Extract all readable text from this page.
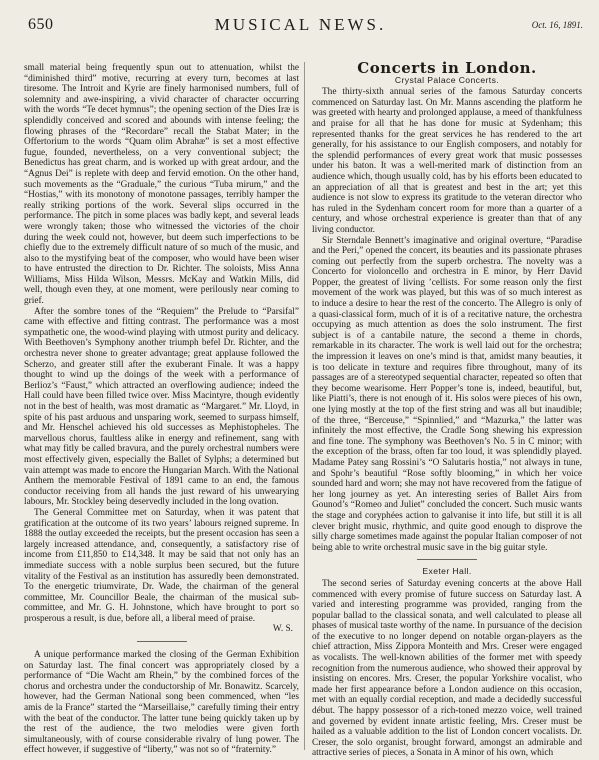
650	MUSICAL NEWS.	Oct. 16, 1891.

small material being frequently spun out to attenuation, whilst the “diminished third” motive, recurring at every turn, becomes at last tiresome. The Introit and Kyrie are finely harmonised numbers, full of solemnity and awe-inspiring, a vivid character of character occurring with the words “Te decet hymnus”; the opening section of the Dies Iræ is splendidly conceived and scored and abounds with intense feeling; the flowing phrases of the “Recordare” recall the Stabat Mater; in the Offertorium to the words “Quam olim Abrahæ” is set a most effective fugue, founded, nevertheless, on a very conventional subject; the Benedictus has great charm, and is worked up with great ardour, and the “Agnus Dei” is replete with deep and fervid emotion. On the other hand, such movements as the “Graduale,” the curious “Tuba mirum,” and the “Hostias,” with its monotony of monotone passages, terribly hamper the really striking portions of the work. Several slips occurred in the performance. The pitch in some places was badly kept, and several leads were wrongly taken; those who witnessed the victories of the choir during the week could not, however, but deem such imperfections to be chiefly due to the extremely difficult nature of so much of the music, and also to the mystifying beat of the composer, who would have been wiser to have entrusted the direction to Dr. Richter. The soloists, Miss Anna Williams, Miss Hilda Wilson, Messrs. McKay and Watkin Mills, did well, though even they, at one moment, were perilously near coming to grief.

After the sombre tones of the “Requiem” the Prelude to “Parsifal” came with effective and fitting contrast. The performance was a most sympathetic one, the wood-wind playing with utmost purity and delicacy. With Beethoven’s Symphony another triumph befel Dr. Richter, and the orchestra never shone to greater advantage; great applause followed the Scherzo, and greater still after the exuberant Finale. It was a happy thought to wind up the doings of the week with a performance of Berlioz’s “Faust,” which attracted an overflowing audience; indeed the Hall could have been filled twice over. Miss Macintyre, though evidently not in the best of health, was most dramatic as “Margaret.” Mr. Lloyd, in spite of his past arduous and unsparing work, seemed to surpass himself, and Mr. Henschel achieved his old successes as Mephistopheles. The marvellous chorus, faultless alike in energy and refinement, sang with what may fitly be called bravura, and the purely orchestral numbers were most effectively given, especially the Ballet of Sylphs; a determined but vain attempt was made to encore the Hungarian March. With the National Anthem the memorable Festival of 1891 came to an end, the famous conductor receiving from all hands the just reward of his unwearying labours, Mr. Stockley being deservedly included in the long ovation.

The General Committee met on Saturday, when it was patent that gratification at the outcome of its two years’ labours reigned supreme. In 1888 the outlay exceeded the receipts, but the present occasion has seen a largely increased attendance, and, consequently, a satisfactory rise of income from £11,850 to £14,348. It may be said that not only has an immediate success with a noble surplus been secured, but the future vitality of the Festival as an institution has assuredly been demonstrated. To the energetic triumvirate, Dr. Wade, the chairman of the general committee, Mr. Councillor Beale, the chairman of the musical sub-committee, and Mr. G. H. Johnstone, which have brought to port so prosperous a result, is due, before all, a liberal meed of praise.

W. S.

A unique performance marked the closing of the German Exhibition on Saturday last. The final concert was appropriately closed by a performance of “Die Wacht am Rhein,” by the combined forces of the chorus and orchestra under the conductorship of Mr. Bonawitz. Scarcely, however, had the German National song been commenced, when “les amis de la France” started the “Marseillaise,” carefully timing their entry with the beat of the conductor. The latter tune being quickly taken up by the rest of the audience, the two melodies were given forth simultaneously, with of course considerable rivalry of lung power. The effect however, if suggestive of “liberty,” was not so of “fraternity.”

Concerts in London.
Crystal Palace Concerts.

The thirty-sixth annual series of the famous Saturday concerts commenced on Saturday last. On Mr. Manns ascending the platform he was greeted with hearty and prolonged applause, a meed of thankfulness and praise for all that he has done for music at Sydenham; this represented thanks for the great services he has rendered to the art generally, for his assistance to our English composers, and notably for the splendid performances of every great work that music possesses under his baton. It was a well-merited mark of distinction from an audience which, though usually cold, has by his efforts been educated to an appreciation of all that is greatest and best in the art; yet this audience is not slow to express its gratitude to the veteran director who has ruled in the Sydenham concert room for more than a quarter of a century, and whose orchestral experience is greater than that of any living conductor.

Sir Sterndale Bennett’s imaginative and original overture, “Paradise and the Peri,” opened the concert, its beauties and its passionate phrases coming out perfectly from the superb orchestra. The novelty was a Concerto for violoncello and orchestra in E minor, by Herr David Popper, the greatest of living ’cellists. For some reason only the first movement of the work was played, but this was of so much interest as to induce a desire to hear the rest of the concerto. The Allegro is only of a quasi-classical form, much of it is of a recitative nature, the orchestra occupying as much attention as does the solo instrument. The first subject is of a cantabile nature, the second a theme in chords, remarkable in its character. The work is well laid out for the orchestra; the impression it leaves on one’s mind is that, amidst many beauties, it is too delicate in texture and requires fibre throughout, many of its passages are of a stereotyped sequential character, repeated so often that they become wearisome. Herr Popper’s tone is, indeed, beautiful, but, like Piatti’s, there is not enough of it. His solos were pieces of his own, one lying mostly at the top of the first string and was all but inaudible; of the three, “Berceuse,” “Spinnlied,” and “Mazurka,” the latter was infinitely the most effective, the Cradle Song shewing his expression and fine tone. The symphony was Beethoven’s No. 5 in C minor; with the exception of the brass, often far too loud, it was splendidly played. Madame Patey sang Rossini’s “O Salutaris hostia,” not always in tune, and Spohr’s beautiful “Rose softly blooming,” in which her voice sounded hard and worn; she may not have recovered from the fatigue of her long journey as yet. An interesting series of Ballet Airs from Gounod’s “Romeo and Juliet” concluded the concert. Such music wants the stage and coryphées action to galvanise it into life, but still it is all clever bright music, rhythmic, and quite good enough to disprove the silly charge sometimes made against the popular Italian composer of not being able to write orchestral music save in the big guitar style.

Exeter Hall.

The second series of Saturday evening concerts at the above Hall commenced with every promise of future success on Saturday last. A varied and interesting programme was provided, ranging from the popular ballad to the classical sonata, and well calculated to please all phases of musical taste worthy of the name. In pursuance of the decision of the executive to no longer depend on notable organ-players as the chief attraction, Miss Zippora Monteith and Mrs. Creser were engaged as vocalists. The well-known abilities of the former met with speedy recognition from the numerous audience, who showed their approval by insisting on encores. Mrs. Creser, the popular Yorkshire vocalist, who made her first appearance before a London audience on this occasion, met with an equally cordial reception, and made a decidedly successful début. The happy possessor of a rich-toned mezzo voice, well trained and governed by evident innate artistic feeling, Mrs. Creser must be hailed as a valuable addition to the list of London concert vocalists. Dr. Creser, the solo organist, brought forward, amongst an admirable and attractive series of pieces, a Sonata in A minor of his own, which
